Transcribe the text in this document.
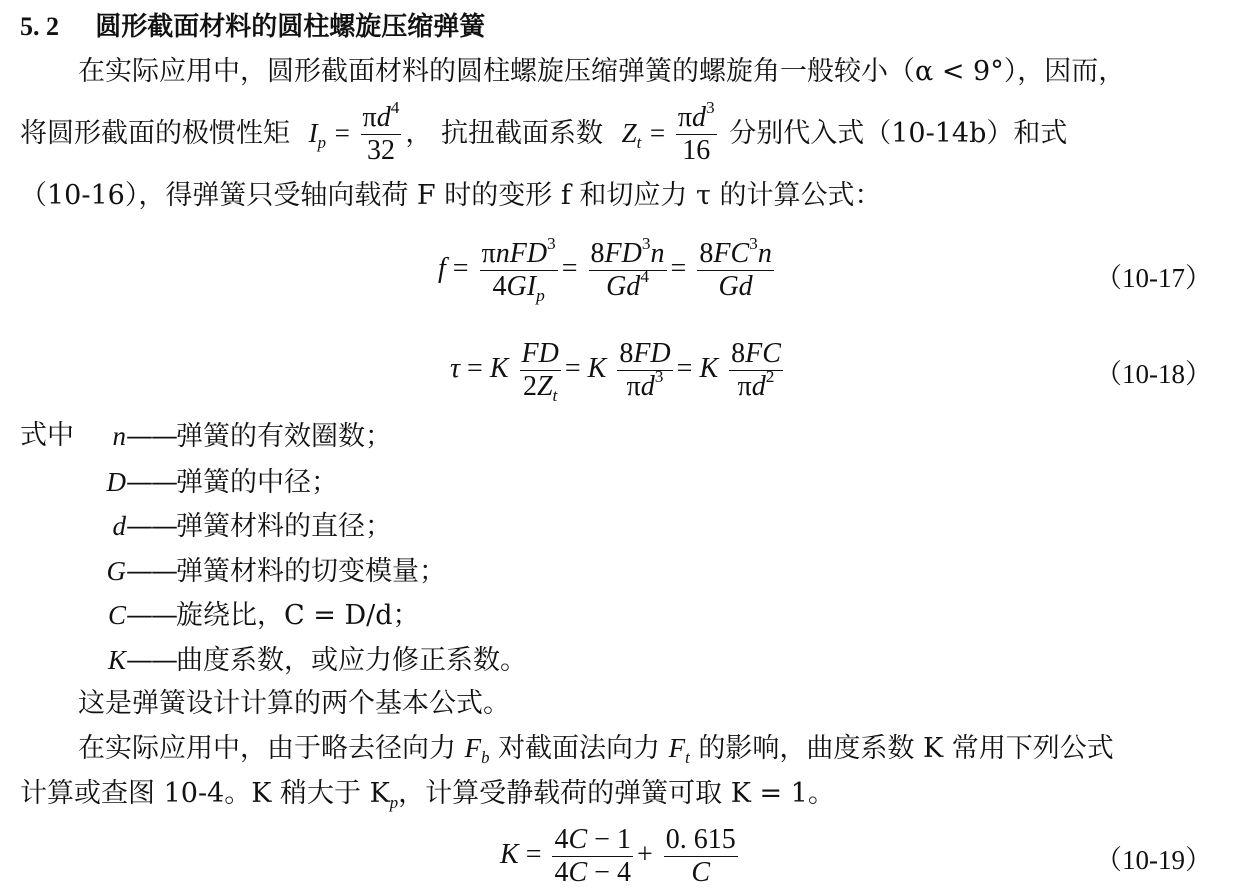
5. 2 圆形截面材料的圆柱螺旋压缩弹簧
在实际应用中，圆形截面材料的圆柱螺旋压缩弹簧的螺旋角一般较小（α < 9°），因而，
将圆形截面的极惯性矩 $I_p = \frac{\pi d^4}{32}$ ， 抗扭截面系数 $Z_t = \frac{\pi d^3}{16}$ 分别代入式（10-14b）和式
（10-16），得弹簧只受轴向载荷 F 时的变形 f 和切应力 τ 的计算公式：
$f = \frac{\pi nFD^3}{4GI_p} = \frac{8FD^3n}{Gd^4} = \frac{8FC^3n}{Gd}$	（10-17）
τ = K $\frac{FD}{2Z_t} = K \frac{8FD}{\pi d^3} = K \frac{8FC}{\pi d^2}$	（10-18）
式中	n——弹簧的有效圈数；
D——弹簧的中径；
d——弹簧材料的直径；
G——弹簧材料的切变模量；
C——旋绕比，C = D/d；
K——曲度系数，或应力修正系数。
这是弹簧设计计算的两个基本公式。
在实际应用中，由于略去径向力 $F_b$ 对截面法向力 $F_t$ 的影响，曲度系数 K 常用下列公式
计算或查图 10-4。K 稍大于 $K_p$，计算受静载荷的弹簧可取 K = 1。
$K = \frac{4C - 1}{4C - 4} + \frac{0. 615}{C}$	（10-19）
